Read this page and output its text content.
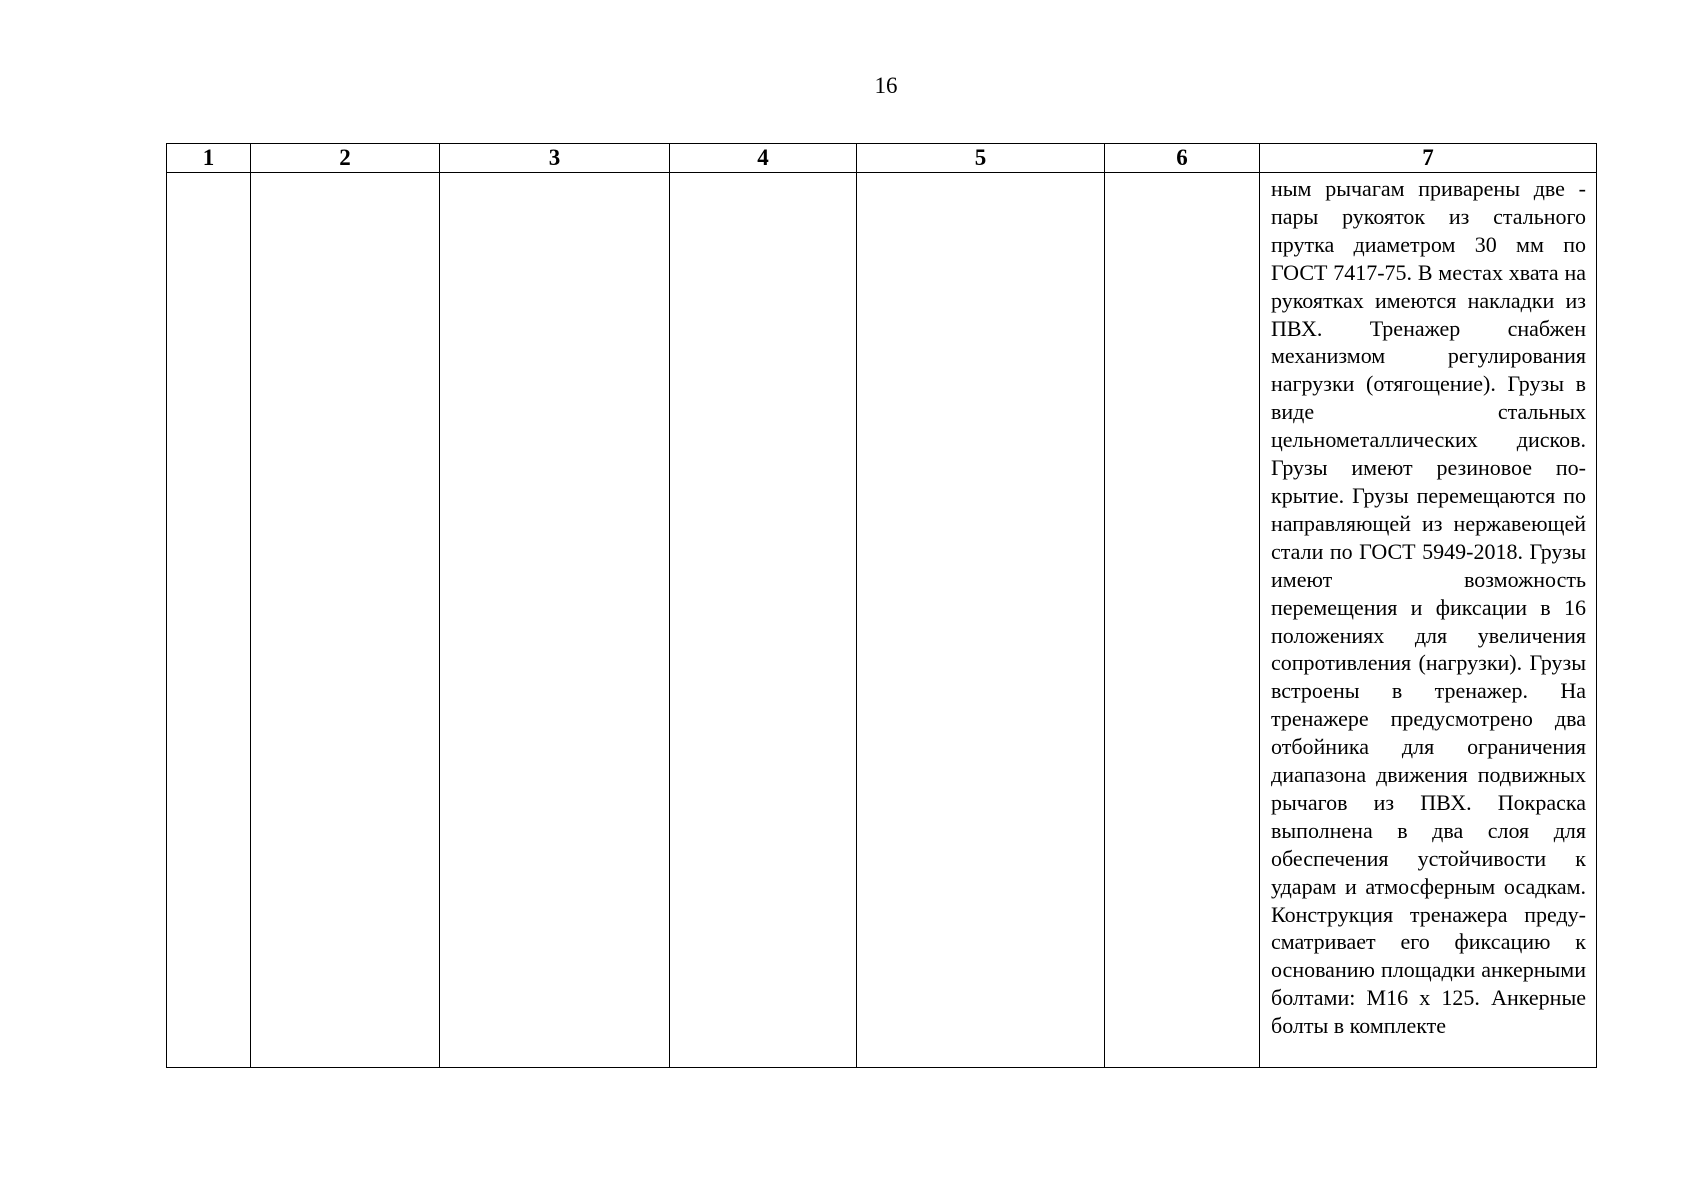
16
1	2	3	4	5	6	7

						ным рычагам приварены две - пары рукояток из стального прутка диаметром 30 мм по ГОСТ 7417-75. В местах хвата на рукоятках имеются накладки из ПВХ. Тренажер снабжен механизмом регулирования нагрузки (отягощение). Грузы в виде стальных цельнометаллических дисков. Грузы имеют резиновое покрытие. Грузы перемещаются по направляющей из нержавеющей стали по ГОСТ 5949-2018. Грузы имеют возможность перемещения и фиксации в 16 положениях для увеличения сопротивления (нагрузки). Грузы встроены в тренажер. На тренажере предусмотрено два отбойника для ограничения диапазона движения подвижных рычагов из ПВХ. Покраска выполнена в два слоя для обеспечения устойчивости к ударам и атмосферным осадкам. Конструкция тренажера предусматривает его фиксацию к основанию площадки анкерными болтами: М16 х 125. Анкерные болты в комплекте
